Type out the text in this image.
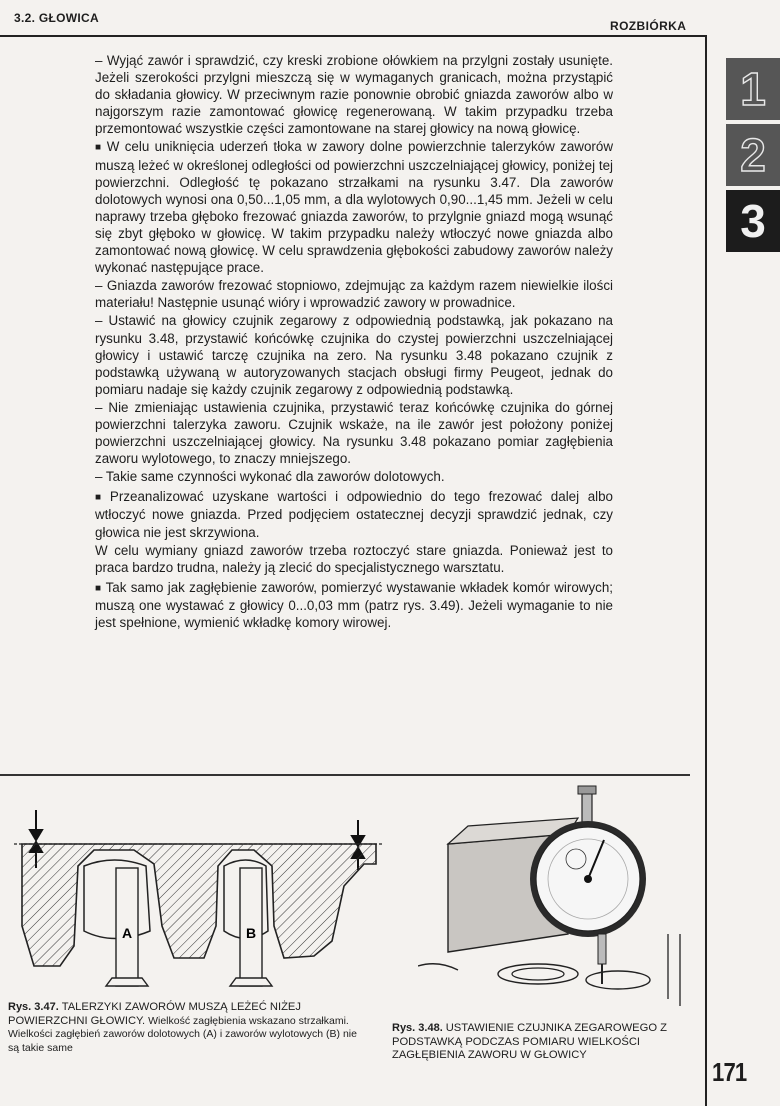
3.2. GŁOWICA
ROZBIÓRKA
1
2
3

– Wyjąć zawór i sprawdzić, czy kreski zrobione ołówkiem na przylgni zostały usunięte. Jeżeli szerokości przylgni mieszczą się w wymaganych granicach, można przystąpić do składania głowicy. W przeciwnym razie ponownie obrobić gniazda zaworów albo w najgorszym razie zamontować głowicę regenerowaną. W takim przypadku trzeba przemontować wszystkie części zamontowane na starej głowicy na nową głowicę.

■ W celu uniknięcia uderzeń tłoka w zawory dolne powierzchnie talerzyków zaworów muszą leżeć w określonej odległości od powierzchni uszczelniającej głowicy, poniżej tej powierzchni. Odległość tę pokazano strzałkami na rysunku 3.47. Dla zaworów dolotowych wynosi ona 0,50...1,05 mm, a dla wylotowych 0,90...1,45 mm. Jeżeli w celu naprawy trzeba głęboko frezować gniazda zaworów, to przylgnie gniazd mogą wsunąć się zbyt głęboko w głowicę. W takim przypadku należy wtłoczyć nowe gniazda albo zamontować nową głowicę. W celu sprawdzenia głębokości zabudowy zaworów należy wykonać następujące prace.

– Gniazda zaworów frezować stopniowo, zdejmując za każdym razem niewielkie ilości materiału! Następnie usunąć wióry i wprowadzić zawory w prowadnice.

– Ustawić na głowicy czujnik zegarowy z odpowiednią podstawką, jak pokazano na rysunku 3.48, przystawić końcówkę czujnika do czystej powierzchni uszczelniającej głowicy i ustawić tarczę czujnika na zero. Na rysunku 3.48 pokazano czujnik z podstawką używaną w autoryzowanych stacjach obsługi firmy Peugeot, jednak do pomiaru nadaje się każdy czujnik zegarowy z odpowiednią podstawką.

– Nie zmieniając ustawienia czujnika, przystawić teraz końcówkę czujnika do górnej powierzchni talerzyka zaworu. Czujnik wskaże, na ile zawór jest położony poniżej powierzchni uszczelniającej głowicy. Na rysunku 3.48 pokazano pomiar zagłębienia zaworu wylotowego, to znaczy mniejszego.

– Takie same czynności wykonać dla zaworów dolotowych.

■ Przeanalizować uzyskane wartości i odpowiednio do tego frezować dalej albo wtłoczyć nowe gniazda. Przed podjęciem ostatecznej decyzji sprawdzić jednak, czy głowica nie jest skrzywiona.

W celu wymiany gniazd zaworów trzeba roztoczyć stare gniazda. Ponieważ jest to praca bardzo trudna, należy ją zlecić do specjalistycznego warsztatu.

■ Tak samo jak zagłębienie zaworów, pomierzyć wystawanie wkładek komór wirowych; muszą one wystawać z głowicy 0...0,03 mm (patrz rys. 3.49). Jeżeli wymaganie to nie jest spełnione, wymienić wkładkę komory wirowej.

A	B
Rys. 3.47. TALERZYKI ZAWORÓW MUSZĄ LEŻEĆ NIŻEJ POWIERZCHNI GŁOWICY. Wielkość zagłębienia wskazano strzałkami. Wielkości zagłębień zaworów dolotowych (A) i zaworów wylotowych (B) nie są takie same
Rys. 3.48. USTAWIENIE CZUJNIKA ZEGAROWEGO Z PODSTAWKĄ PODCZAS POMIARU WIELKOŚCI ZAGŁĘBIENIA ZAWORU W GŁOWICY
171
